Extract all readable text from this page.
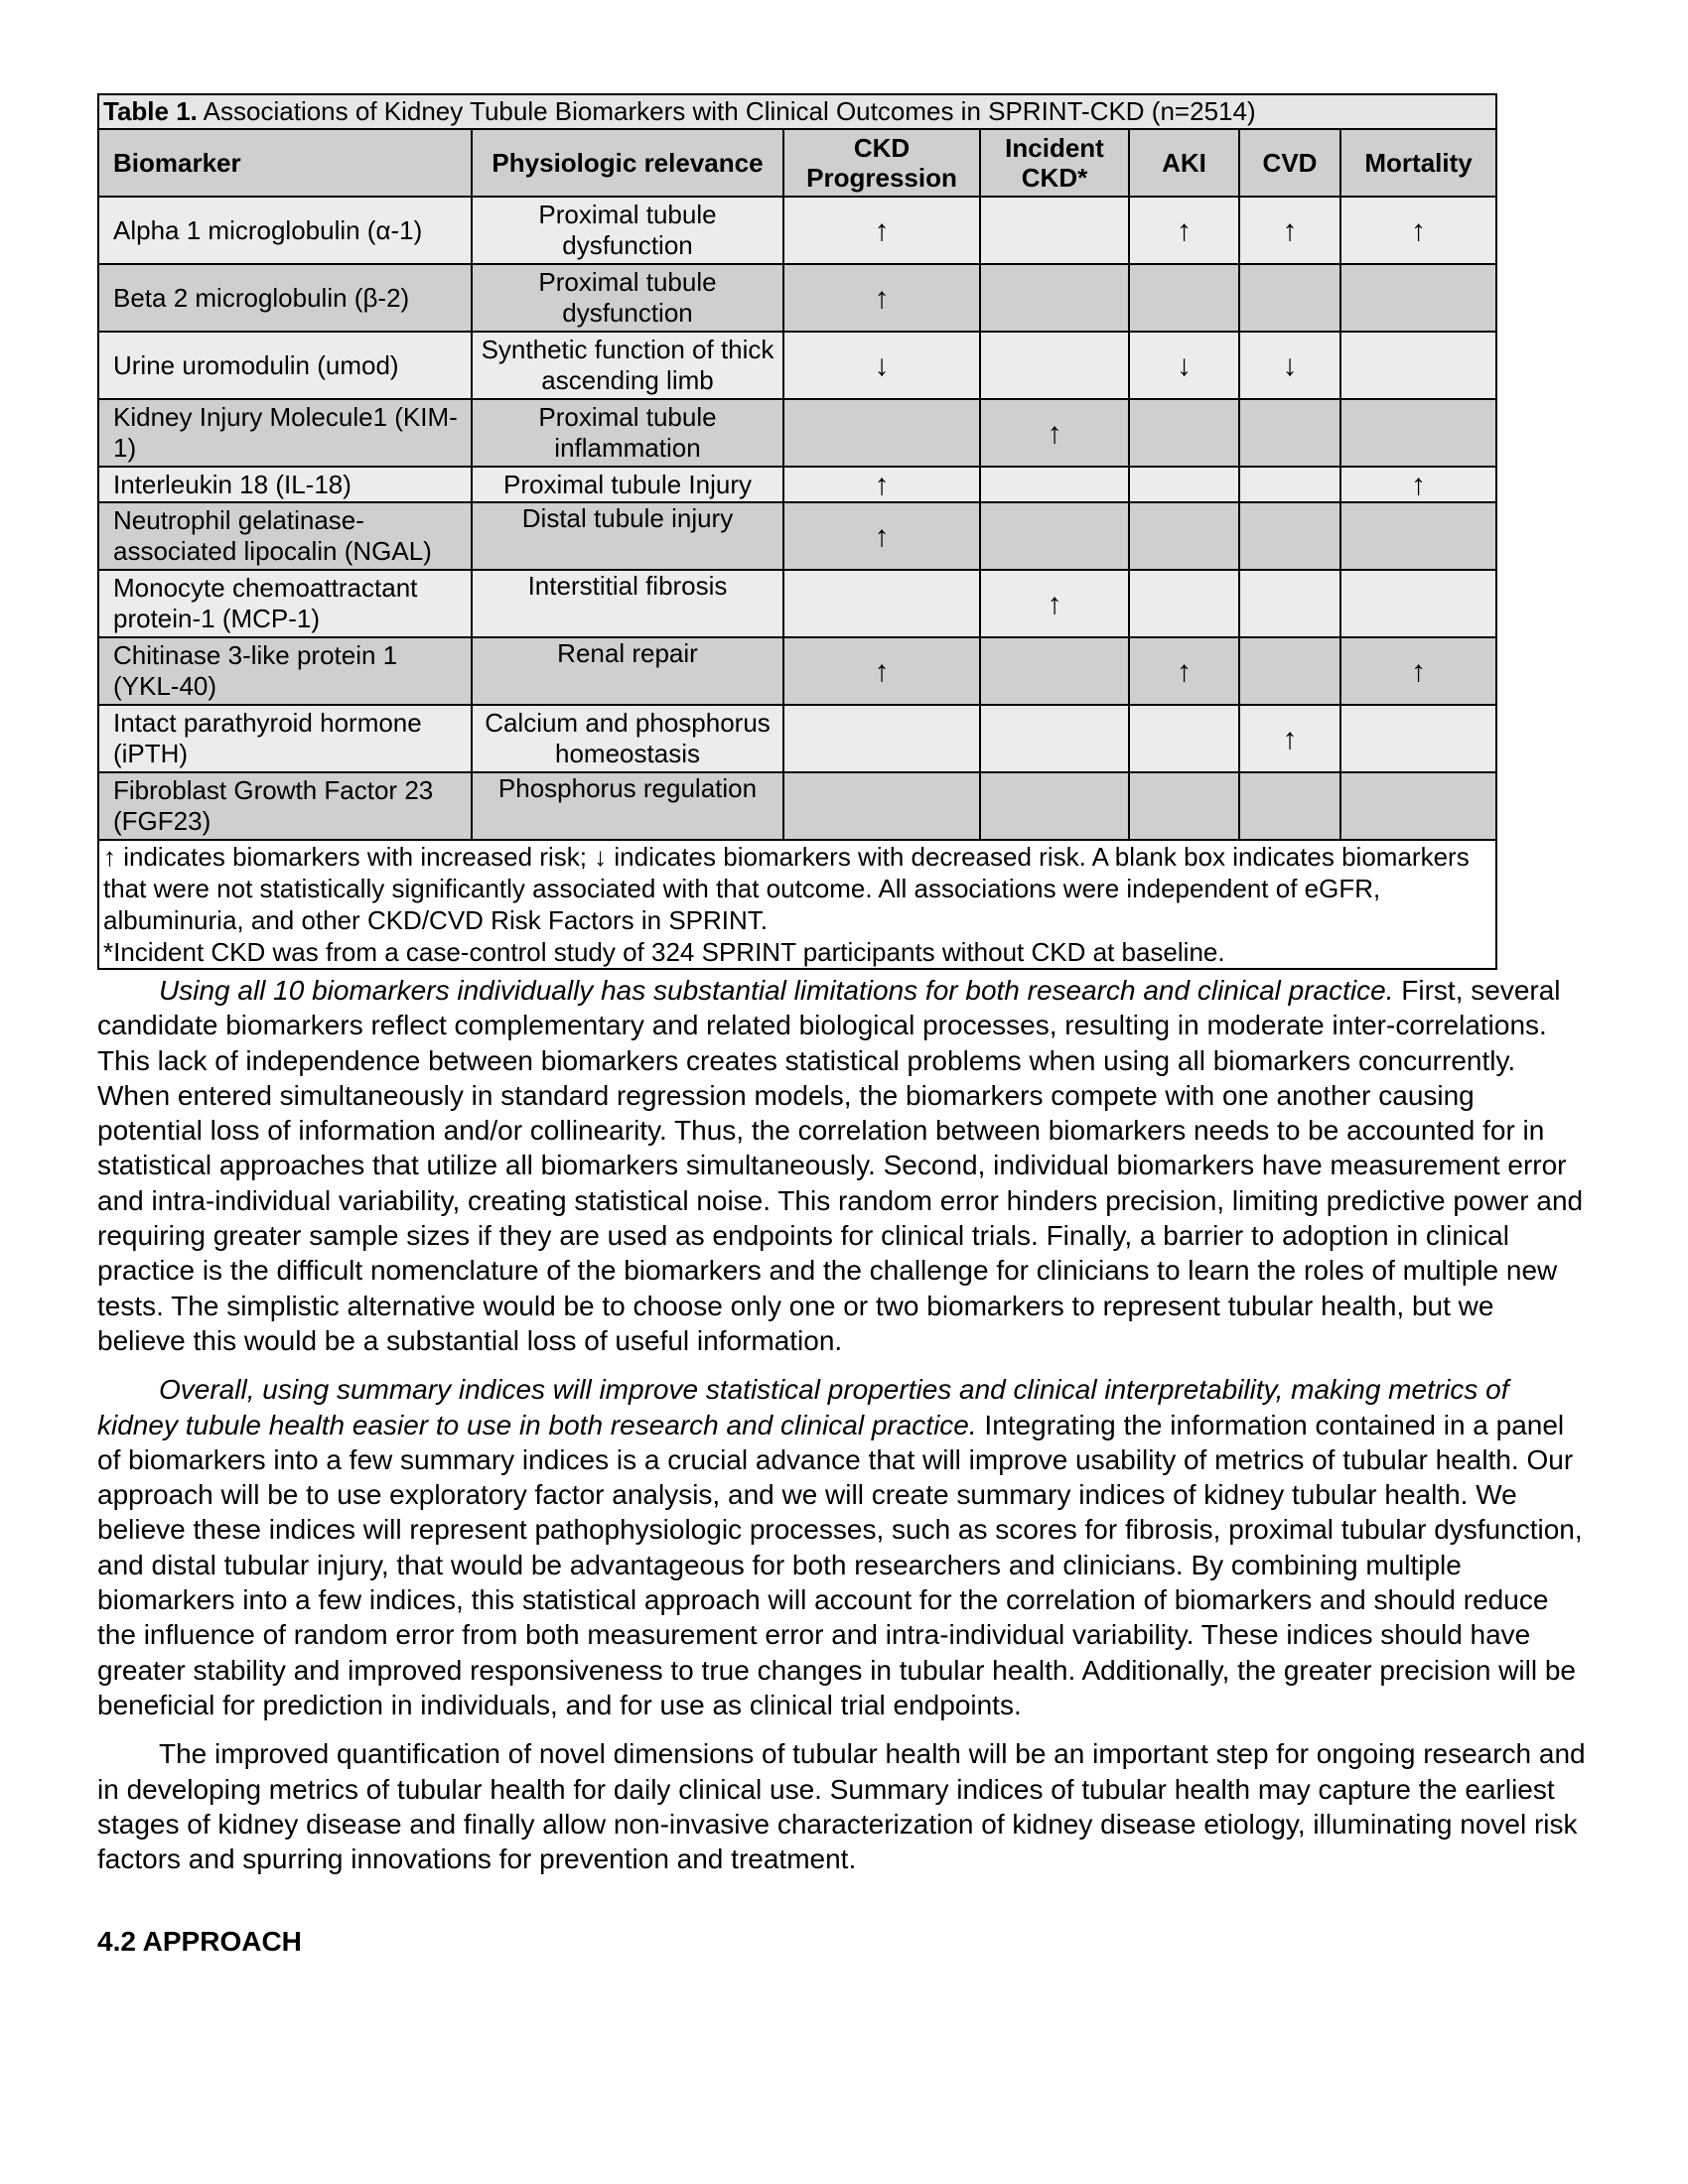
Table 1. Associations of Kidney Tubule Biomarkers with Clinical Outcomes in SPRINT-CKD (n=2514)						
Biomarker	Physiologic relevance	CKD Progression	Incident CKD*	AKI	CVD	Mortality
Alpha 1 microglobulin (α-1)	Proximal tubule dysfunction	↑		↑	↑	↑
Beta 2 microglobulin (β-2)	Proximal tubule dysfunction	↑				
Urine uromodulin (umod)	Synthetic function of thick ascending limb	↓		↓	↓	
Kidney Injury Molecule1 (KIM-1)	Proximal tubule inflammation		↑			
Interleukin 18 (IL-18)	Proximal tubule Injury	↑				↑
Neutrophil gelatinase-associated lipocalin (NGAL)	Distal tubule injury	↑				
Monocyte chemoattractant protein-1 (MCP-1)	Interstitial fibrosis		↑			
Chitinase 3-like protein 1 (YKL-40)	Renal repair	↑		↑		↑
Intact parathyroid hormone (iPTH)	Calcium and phosphorus homeostasis				↑	
Fibroblast Growth Factor 23 (FGF23)	Phosphorus regulation					

↑ indicates biomarkers with increased risk; ↓ indicates biomarkers with decreased risk. A blank box indicates biomarkers that were not statistically significantly associated with that outcome. All associations were independent of eGFR, albuminuria, and other CKD/CVD Risk Factors in SPRINT.
*Incident CKD was from a case-control study of 324 SPRINT participants without CKD at baseline.						

Using all 10 biomarkers individually has substantial limitations for both research and clinical practice. First, several candidate biomarkers reflect complementary and related biological processes, resulting in moderate inter-correlations. This lack of independence between biomarkers creates statistical problems when using all biomarkers concurrently. When entered simultaneously in standard regression models, the biomarkers compete with one another causing potential loss of information and/or collinearity. Thus, the correlation between biomarkers needs to be accounted for in statistical approaches that utilize all biomarkers simultaneously. Second, individual biomarkers have measurement error and intra-individual variability, creating statistical noise. This random error hinders precision, limiting predictive power and requiring greater sample sizes if they are used as endpoints for clinical trials. Finally, a barrier to adoption in clinical practice is the difficult nomenclature of the biomarkers and the challenge for clinicians to learn the roles of multiple new tests. The simplistic alternative would be to choose only one or two biomarkers to represent tubular health, but we believe this would be a substantial loss of useful information.

Overall, using summary indices will improve statistical properties and clinical interpretability, making metrics of kidney tubule health easier to use in both research and clinical practice. Integrating the information contained in a panel of biomarkers into a few summary indices is a crucial advance that will improve usability of metrics of tubular health. Our approach will be to use exploratory factor analysis, and we will create summary indices of kidney tubular health. We believe these indices will represent pathophysiologic processes, such as scores for fibrosis, proximal tubular dysfunction, and distal tubular injury, that would be advantageous for both researchers and clinicians. By combining multiple biomarkers into a few indices, this statistical approach will account for the correlation of biomarkers and should reduce the influence of random error from both measurement error and intra-individual variability. These indices should have greater stability and improved responsiveness to true changes in tubular health. Additionally, the greater precision will be beneficial for prediction in individuals, and for use as clinical trial endpoints.

The improved quantification of novel dimensions of tubular health will be an important step for ongoing research and in developing metrics of tubular health for daily clinical use. Summary indices of tubular health may capture the earliest stages of kidney disease and finally allow non-invasive characterization of kidney disease etiology, illuminating novel risk factors and spurring innovations for prevention and treatment.

4.2 APPROACH
